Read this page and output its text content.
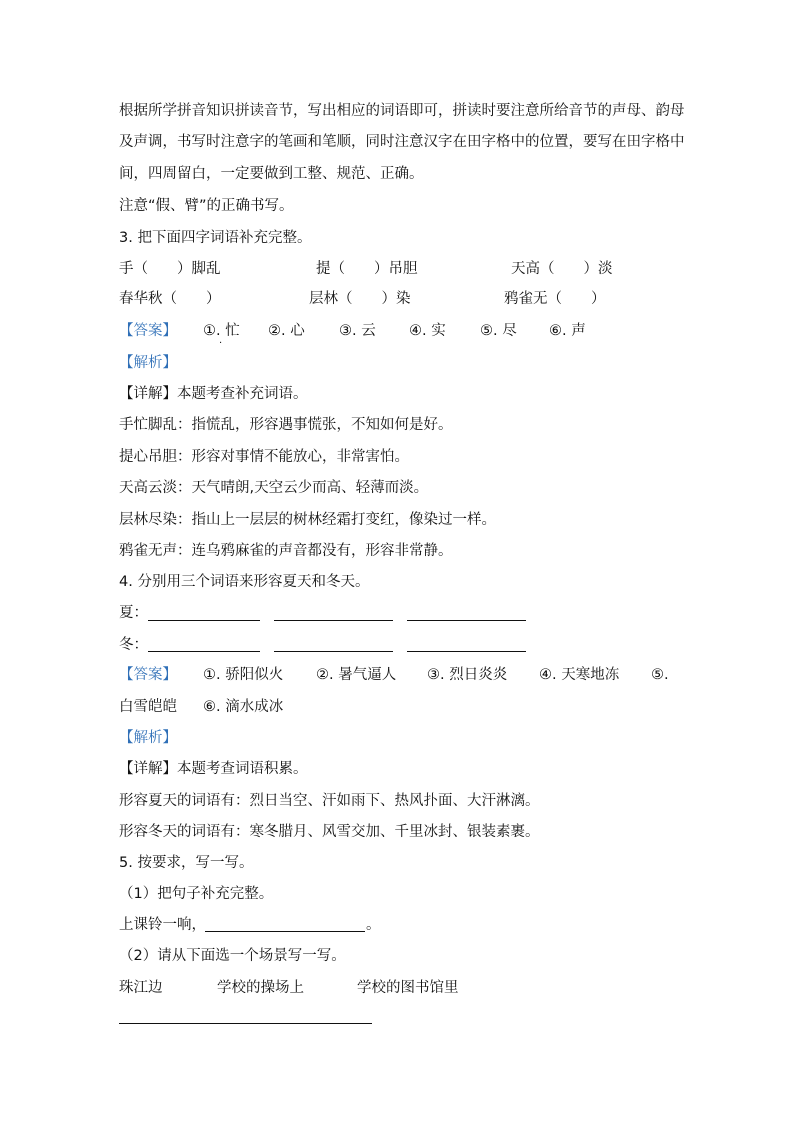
根据所学拼音知识拼读音节，写出相应的词语即可，拼读时要注意所给音节的声母、韵母
及声调，书写时注意字的笔画和笔顺，同时注意汉字在田字格中的位置，要写在田字格中
间，四周留白，一定要做到工整、规范、正确。
注意“假、臂”的正确书写。
3. 把下面四字词语补充完整。
手（　　）脚乱	提（　　）吊胆	天高（　　）淡
春华秋（　　）	层林（　　）染	鸦雀无（　　）
【答案】 ①. 忙 ②. 心 ③. 云 ④. 实 ⑤. 尽 ⑥. 声
·
【解析】
【详解】本题考查补充词语。
手忙脚乱：指慌乱，形容遇事慌张，不知如何是好。
提心吊胆：形容对事情不能放心，非常害怕。
天高云淡：天气晴朗,天空云少而高、轻薄而淡。
层林尽染：指山上一层层的树林经霜打变红，像染过一样。
鸦雀无声：连乌鸦麻雀的声音都没有，形容非常静。
4. 分别用三个词语来形容夏天和冬天。
夏：
冬：
【答案】 ①. 骄阳似火 ②. 暑气逼人 ③. 烈日炎炎 ④. 天寒地冻 ⑤.
白雪皑皑 ⑥. 滴水成冰
【解析】
【详解】本题考查词语积累。
形容夏天的词语有：烈日当空、汗如雨下、热风扑面、大汗淋漓。
形容冬天的词语有：寒冬腊月、风雪交加、千里冰封、银装素裹。
5. 按要求，写一写。
（1）把句子补充完整。
上课铃一响，	。
（2）请从下面选一个场景写一写。
珠江边	学校的操场上	学校的图书馆里
